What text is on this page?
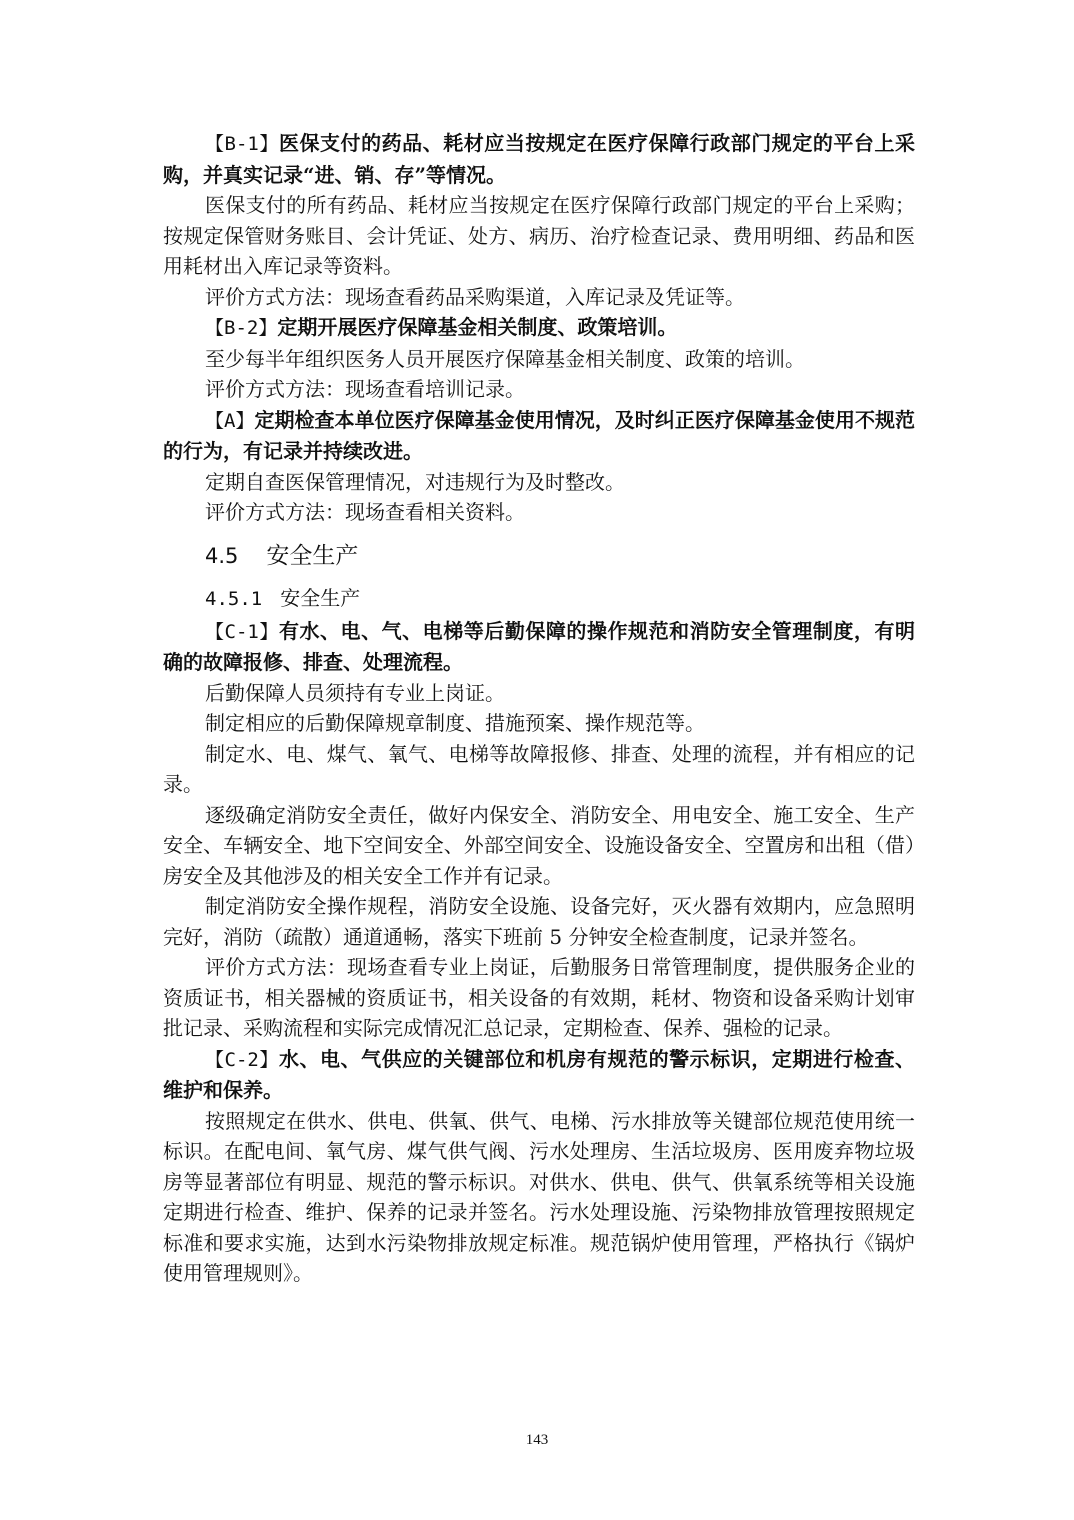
【B-1】医保支付的药品、耗材应当按规定在医疗保障行政部门规定的平台上采购，并真实记录“进、销、存”等情况。

医保支付的所有药品、耗材应当按规定在医疗保障行政部门规定的平台上采购；按规定保管财务账目、会计凭证、处方、病历、治疗检查记录、费用明细、药品和医用耗材出入库记录等资料。

评价方式方法：现场查看药品采购渠道，入库记录及凭证等。

【B-2】定期开展医疗保障基金相关制度、政策培训。

至少每半年组织医务人员开展医疗保障基金相关制度、政策的培训。

评价方式方法：现场查看培训记录。

【A】定期检查本单位医疗保障基金使用情况，及时纠正医疗保障基金使用不规范的行为，有记录并持续改进。

定期自查医保管理情况，对违规行为及时整改。

评价方式方法：现场查看相关资料。

4.5 安全生产
4.5.1 安全生产

【C-1】有水、电、气、电梯等后勤保障的操作规范和消防安全管理制度，有明确的故障报修、排查、处理流程。

后勤保障人员须持有专业上岗证。

制定相应的后勤保障规章制度、措施预案、操作规范等。

制定水、电、煤气、氧气、电梯等故障报修、排查、处理的流程，并有相应的记录。

逐级确定消防安全责任，做好内保安全、消防安全、用电安全、施工安全、生产安全、车辆安全、地下空间安全、外部空间安全、设施设备安全、空置房和出租（借）房安全及其他涉及的相关安全工作并有记录。

制定消防安全操作规程，消防安全设施、设备完好，灭火器有效期内，应急照明完好，消防（疏散）通道通畅，落实下班前 5 分钟安全检查制度，记录并签名。

评价方式方法：现场查看专业上岗证，后勤服务日常管理制度，提供服务企业的资质证书，相关器械的资质证书，相关设备的有效期，耗材、物资和设备采购计划审批记录、采购流程和实际完成情况汇总记录，定期检查、保养、强检的记录。

【C-2】水、电、气供应的关键部位和机房有规范的警示标识，定期进行检查、维护和保养。

按照规定在供水、供电、供氧、供气、电梯、污水排放等关键部位规范使用统一标识。在配电间、氧气房、煤气供气阀、污水处理房、生活垃圾房、医用废弃物垃圾房等显著部位有明显、规范的警示标识。对供水、供电、供气、供氧系统等相关设施定期进行检查、维护、保养的记录并签名。污水处理设施、污染物排放管理按照规定标准和要求实施，达到水污染物排放规定标准。规范锅炉使用管理，严格执行《锅炉使用管理规则》。

143
